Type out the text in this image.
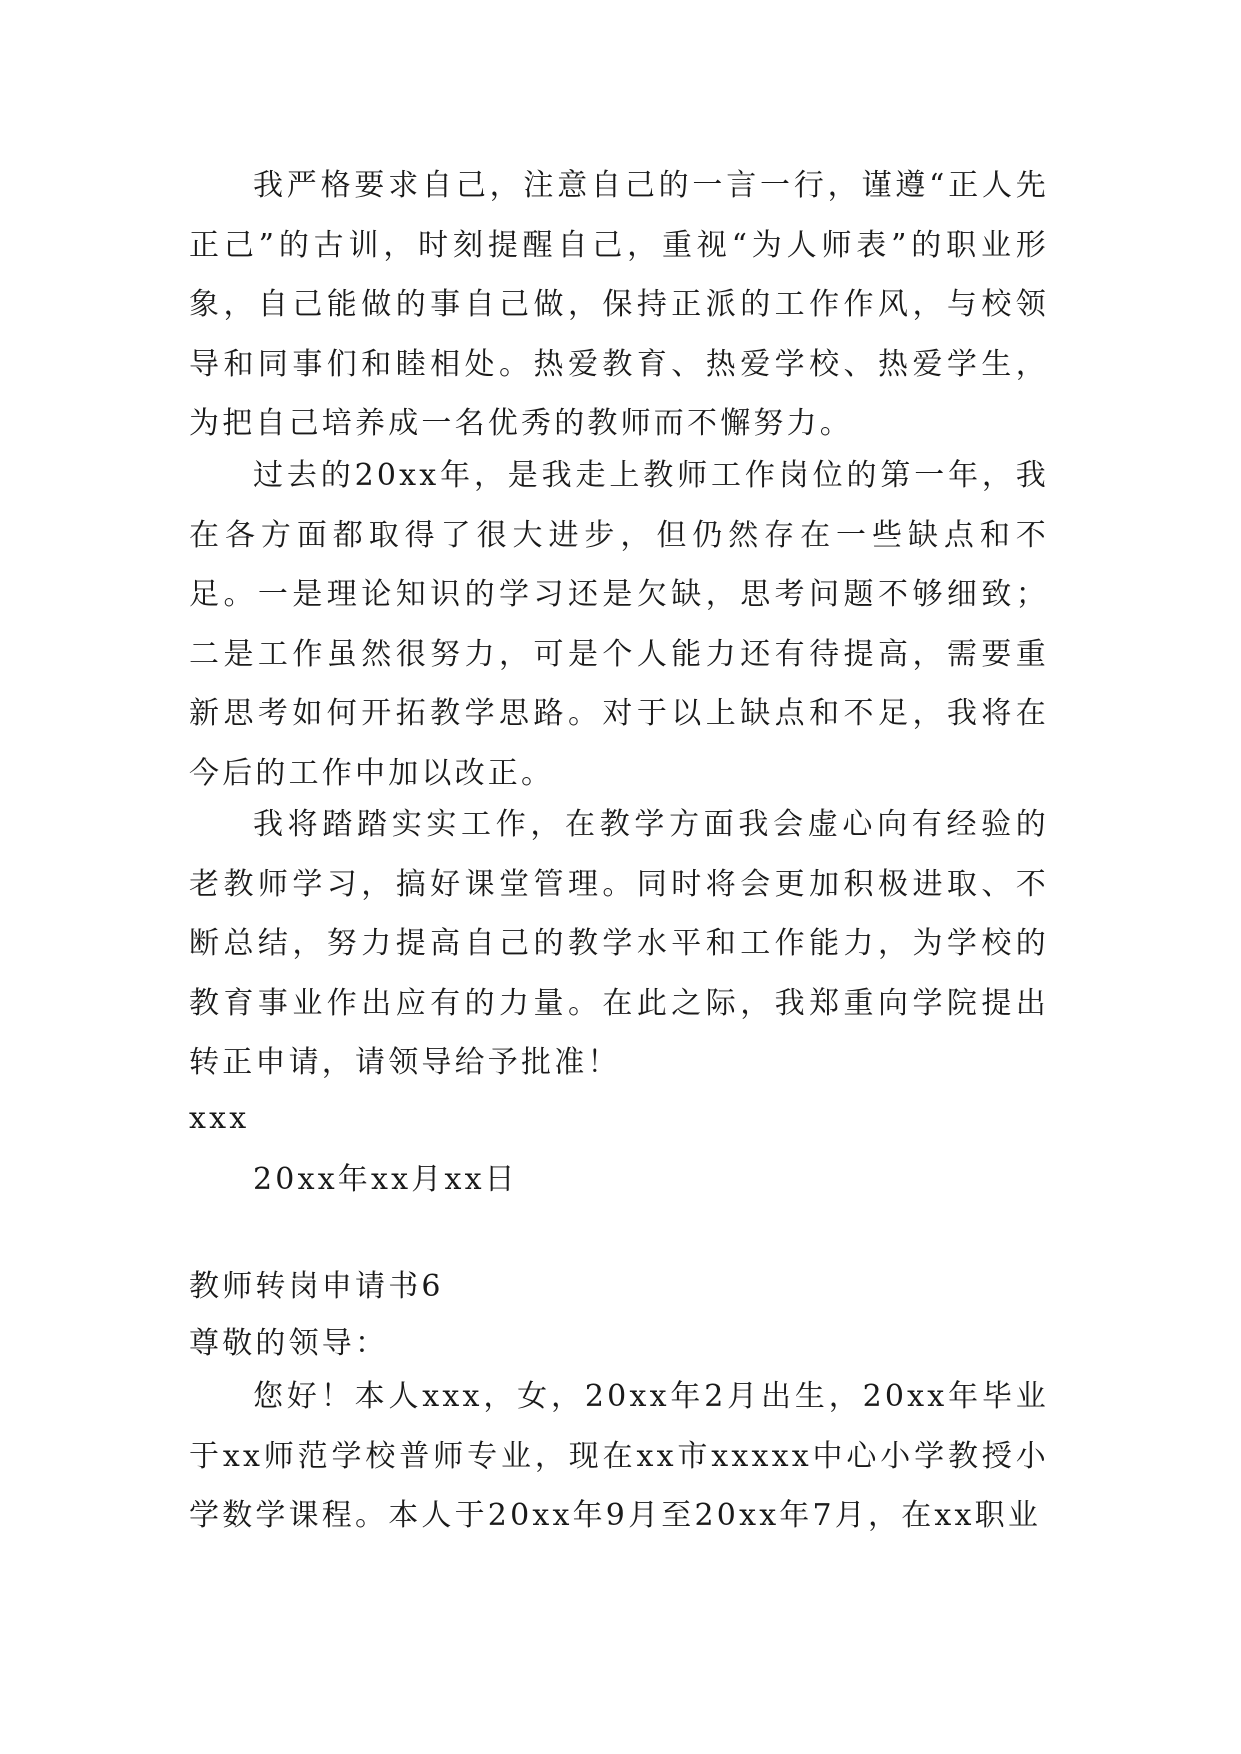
我严格要求自己，注意自己的一言一行，谨遵“正人先正己”的古训，时刻提醒自己，重视“为人师表”的职业形象，自己能做的事自己做，保持正派的工作作风，与校领导和同事们和睦相处。热爱教育、热爱学校、热爱学生，为把自己培养成一名优秀的教师而不懈努力。

过去的20xx年，是我走上教师工作岗位的第一年，我在各方面都取得了很大进步，但仍然存在一些缺点和不足。一是理论知识的学习还是欠缺，思考问题不够细致；二是工作虽然很努力，可是个人能力还有待提高，需要重新思考如何开拓教学思路。对于以上缺点和不足，我将在今后的工作中加以改正。

我将踏踏实实工作，在教学方面我会虚心向有经验的老教师学习，搞好课堂管理。同时将会更加积极进取、不断总结，努力提高自己的教学水平和工作能力，为学校的教育事业作出应有的力量。在此之际，我郑重向学院提出转正申请，请领导给予批准！

xxx
20xx年xx月xx日
教师转岗申请书6
尊敬的领导：

您好！本人xxx，女，20xx年2月出生，20xx年毕业于xx师范学校普师专业，现在xx市xxxxx中心小学教授小学数学课程。本人于20xx年9月至20xx年7月，在xx职业
